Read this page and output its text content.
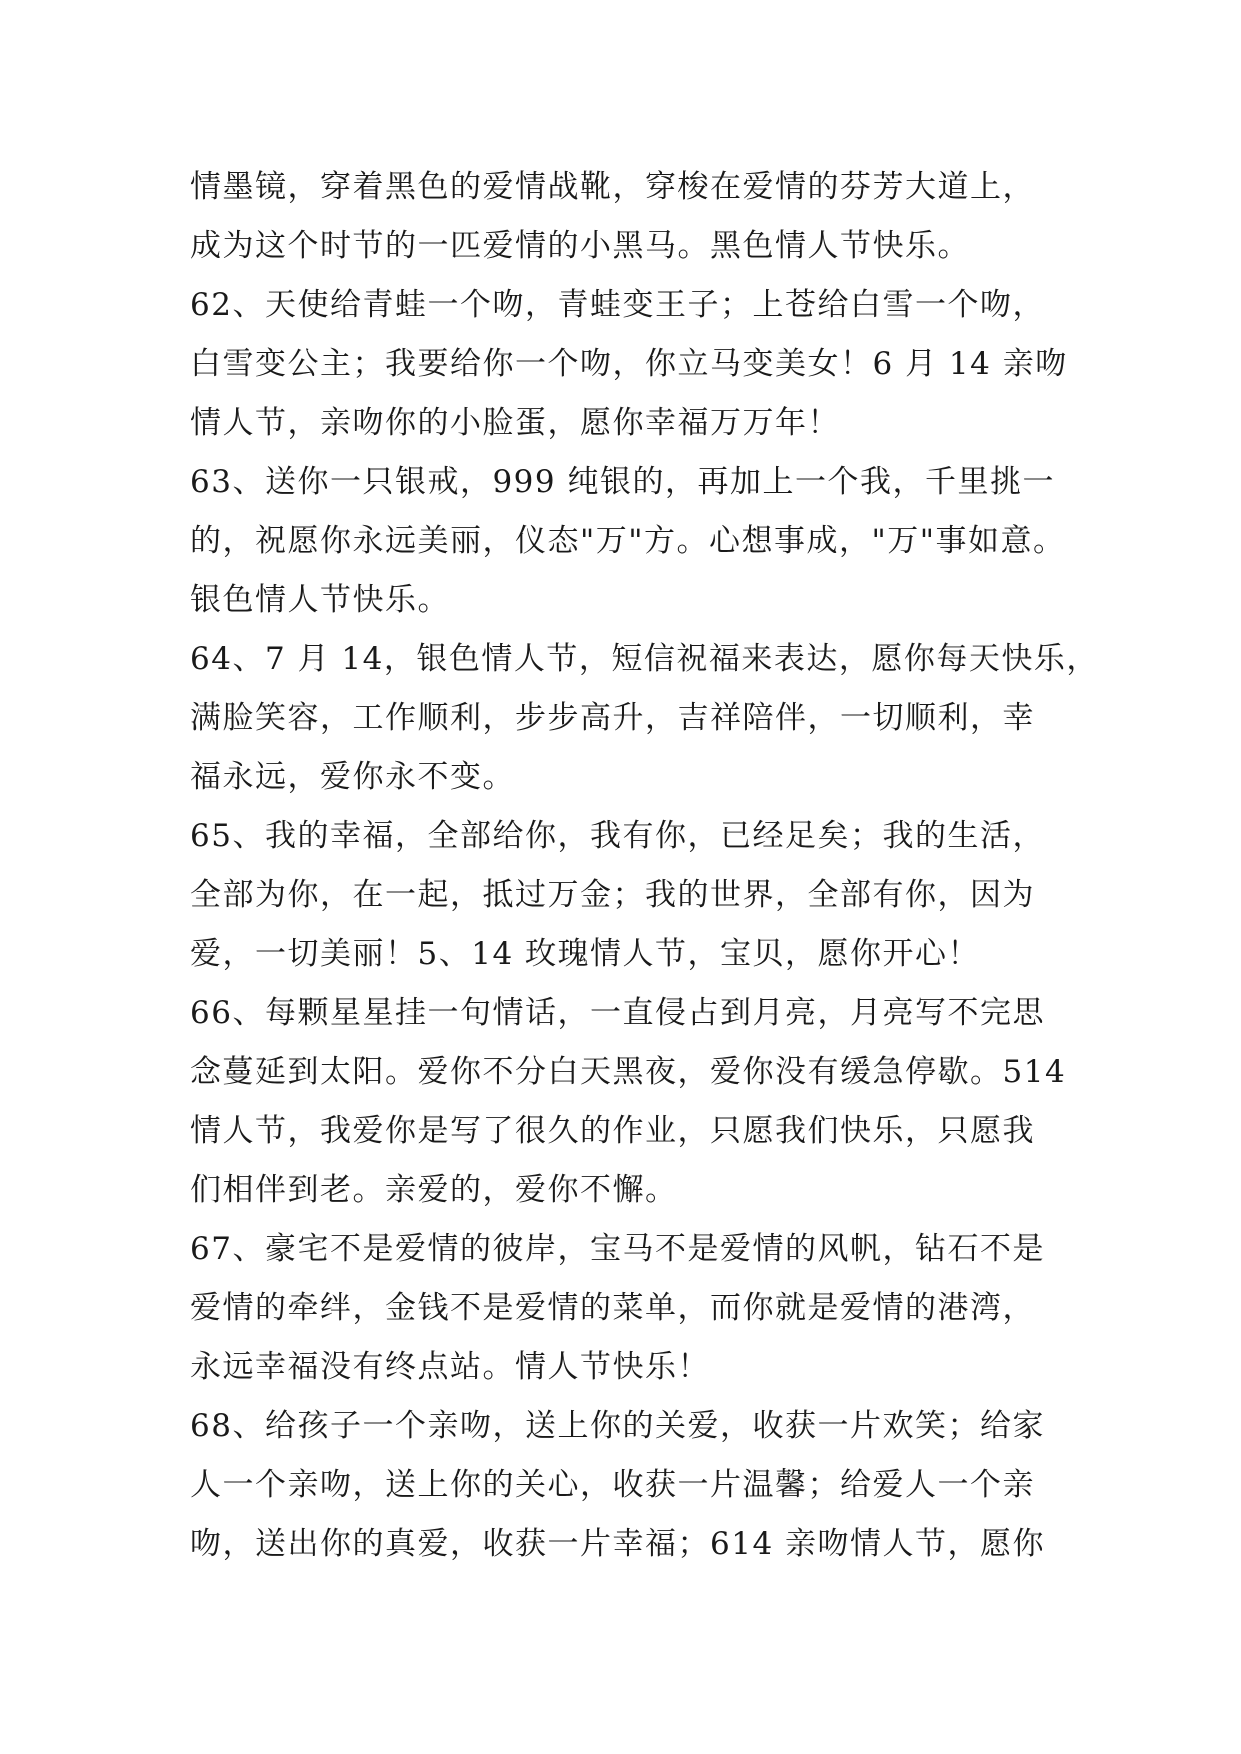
情墨镜，穿着黑色的爱情战靴，穿梭在爱情的芬芳大道上，
成为这个时节的一匹爱情的小黑马。黑色情人节快乐。
62、天使给青蛙一个吻，青蛙变王子；上苍给白雪一个吻，
白雪变公主；我要给你一个吻，你立马变美女！6 月 14 亲吻
情人节，亲吻你的小脸蛋，愿你幸福万万年！
63、送你一只银戒，999 纯银的，再加上一个我，千里挑一
的，祝愿你永远美丽，仪态"万"方。心想事成，"万"事如意。
银色情人节快乐。
64、7 月 14，银色情人节，短信祝福来表达，愿你每天快乐，
满脸笑容，工作顺利，步步高升，吉祥陪伴，一切顺利，幸
福永远，爱你永不变。
65、我的幸福，全部给你，我有你，已经足矣；我的生活，
全部为你，在一起，抵过万金；我的世界，全部有你，因为
爱，一切美丽！5、14 玫瑰情人节，宝贝，愿你开心！
66、每颗星星挂一句情话，一直侵占到月亮，月亮写不完思
念蔓延到太阳。爱你不分白天黑夜，爱你没有缓急停歇。514
情人节，我爱你是写了很久的作业，只愿我们快乐，只愿我
们相伴到老。亲爱的，爱你不懈。
67、豪宅不是爱情的彼岸，宝马不是爱情的风帆，钻石不是
爱情的牵绊，金钱不是爱情的菜单，而你就是爱情的港湾，
永远幸福没有终点站。情人节快乐！
68、给孩子一个亲吻，送上你的关爱，收获一片欢笑；给家
人一个亲吻，送上你的关心，收获一片温馨；给爱人一个亲
吻，送出你的真爱，收获一片幸福；614 亲吻情人节，愿你
